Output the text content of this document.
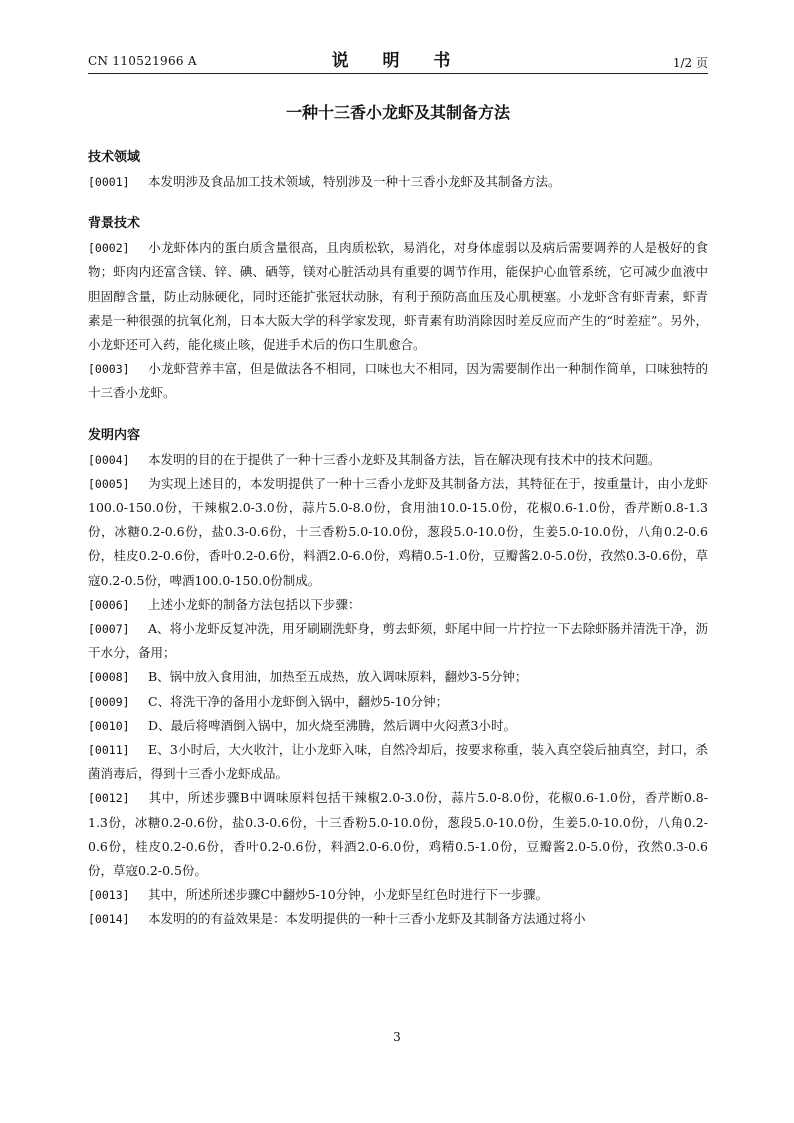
CN 110521966 A	说 明 书	1/2 页
一种十三香小龙虾及其制备方法
技术领域

[0001] 本发明涉及食品加工技术领域，特别涉及一种十三香小龙虾及其制备方法。

背景技术

[0002] 小龙虾体内的蛋白质含量很高，且肉质松软，易消化，对身体虚弱以及病后需要调养的人是极好的食物；虾肉内还富含镁、锌、碘、硒等，镁对心脏活动具有重要的调节作用，能保护心血管系统，它可减少血液中胆固醇含量，防止动脉硬化，同时还能扩张冠状动脉，有利于预防高血压及心肌梗塞。小龙虾含有虾青素，虾青素是一种很强的抗氧化剂，日本大阪大学的科学家发现，虾青素有助消除因时差反应而产生的“时差症”。另外，小龙虾还可入药，能化痰止咳，促进手术后的伤口生肌愈合。

[0003] 小龙虾营养丰富，但是做法各不相同，口味也大不相同，因为需要制作出一种制作简单，口味独特的十三香小龙虾。

发明内容

[0004] 本发明的目的在于提供了一种十三香小龙虾及其制备方法，旨在解决现有技术中的技术问题。

[0005] 为实现上述目的，本发明提供了一种十三香小龙虾及其制备方法，其特征在于，按重量计，由小龙虾100.0-150.0份，干辣椒2.0-3.0份，蒜片5.0-8.0份，食用油10.0-15.0份，花椒0.6-1.0份，香芹断0.8-1.3份，冰糖0.2-0.6份，盐0.3-0.6份，十三香粉5.0-10.0份，葱段5.0-10.0份，生姜5.0-10.0份，八角0.2-0.6份，桂皮0.2-0.6份，香叶0.2-0.6份，料酒2.0-6.0份，鸡精0.5-1.0份，豆瓣酱2.0-5.0份，孜然0.3-0.6份，草寇0.2-0.5份，啤酒100.0-150.0份制成。

[0006] 上述小龙虾的制备方法包括以下步骤：

[0007] A、将小龙虾反复冲洗，用牙刷刷洗虾身，剪去虾须，虾尾中间一片拧拉一下去除虾肠并清洗干净，沥干水分，备用；

[0008] B、锅中放入食用油，加热至五成热，放入调味原料，翻炒3-5分钟；

[0009] C、将洗干净的备用小龙虾倒入锅中，翻炒5-10分钟；

[0010] D、最后将啤酒倒入锅中，加火烧至沸腾，然后调中火闷煮3小时。

[0011] E、3小时后，大火收汁，让小龙虾入味，自然冷却后，按要求称重，装入真空袋后抽真空，封口，杀菌消毒后，得到十三香小龙虾成品。

[0012] 其中，所述步骤B中调味原料包括干辣椒2.0-3.0份，蒜片5.0-8.0份，花椒0.6-1.0份，香芹断0.8-1.3份，冰糖0.2-0.6份，盐0.3-0.6份，十三香粉5.0-10.0份，葱段5.0-10.0份，生姜5.0-10.0份，八角0.2-0.6份，桂皮0.2-0.6份，香叶0.2-0.6份，料酒2.0-6.0份，鸡精0.5-1.0份，豆瓣酱2.0-5.0份，孜然0.3-0.6份，草寇0.2-0.5份。

[0013] 其中，所述所述步骤C中翻炒5-10分钟，小龙虾呈红色时进行下一步骤。

[0014] 本发明的的有益效果是：本发明提供的一种十三香小龙虾及其制备方法通过将小

3
